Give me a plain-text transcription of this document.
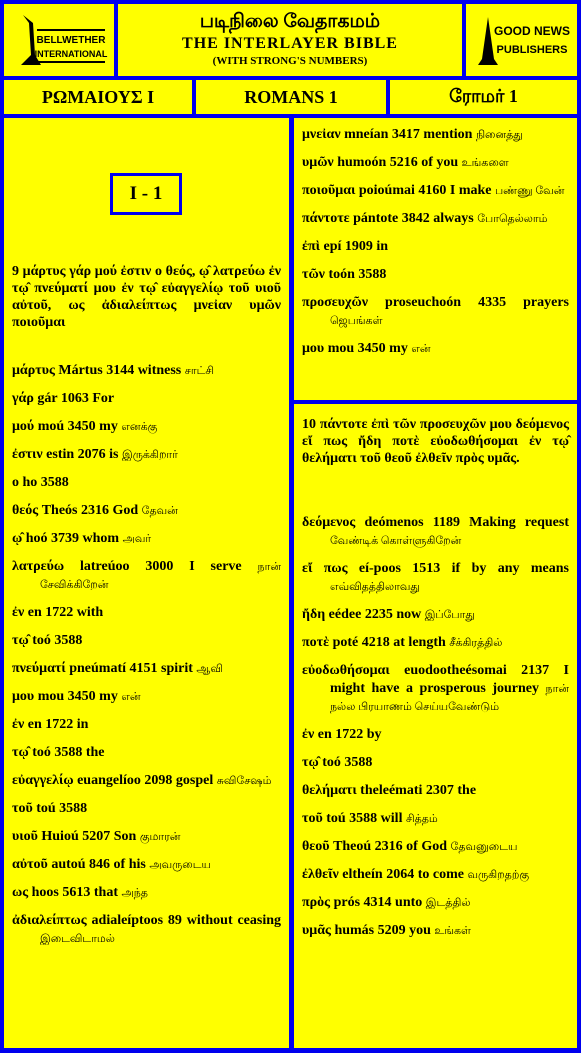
BELLWETHER
INTERNATIONAL
படிநிலை வேதாகமம்
THE INTERLAYER BIBLE
(WITH STRONG'S NUMBERS)
GOOD NEWS
PUBLISHERS
ΡΩΜΑΙΟΥΣ Ι	ROMANS 1	ரோமர் 1
I - 1
9 μάρτυς γάρ μού ἐστιν ο θεός, ῳ̂ λατρεύω ἐν τῳ̂ πνεύματί μου ἐν τῳ̂ εὐαγγελίῳ τοῦ υιοῦ αὐτοῦ, ως ἀδιαλείπτως μνεἰαν υμῶν ποιοῦμαι
μάρτυς Mártus 3144 witness சாட்சி
γάρ gár 1063 For
μού moú 3450 my எனக்கு
ἐστιν estin 2076 is இருக்கிறார்
ο ho 3588
θεός Theós 2316 God தேவன்
ῳ̂ hoó 3739 whom அவர்
λατρεύω latreúoo 3000 I serve நான் சேவிக்கிறேன்
ἐν en 1722 with
τῳ̂ toó 3588
πνεύματί pneúmatí 4151 spirit ஆவி
μου mou 3450 my என்
ἐν en 1722 in
τῳ̂ toó 3588 the
εὐαγγελίῳ euangelíoo 2098 gospel சுவிசேஷம்
τοῦ toú 3588
υιοῦ Huioú 5207 Son குமாரன்
αὐτοῦ autoú 846 of his அவருடைய
ως hoos 5613 that அந்த
ἀδιαλείπτως adialeíptoos 89 without ceasing இடைவிடாமல்
μνεἰαν mneían 3417 mention நினைத்து
υμῶν humoón 5216 of you உங்களை
ποιοῦμαι poioúmai 4160 I make பண்ணு வேன்
πάντοτε pántote 3842 always போதெல்லாம்
ἐπὶ epí 1909 in
τῶν toón 3588
προσευχῶν proseuchoón 4335 prayers ஜெபங்கள்
μου mou 3450 my என்
10 πάντοτε ἐπὶ τῶν προσευχῶν μου δεόμενος εἴ πως ἤδη ποτὲ εὐοδωθήσομαι ἐν τῳ̂ θελήματι τοῦ θεοῦ ἐλθεῖν πρὸς υμᾶς.
δεόμενος deómenos 1189 Making request வேண்டிக் கொள்ளுகிறேன்
εἴ πως eí-poos 1513 if by any means எவ்விதத்திலாவது
ἤδη eédee 2235 now இப்போது
ποτὲ poté 4218 at length சீக்கிரத்தில்
εὐοδωθήσομαι euodootheésomai 2137 I might have a prosperous journey நான் நல்ல பிரயாணம் செய்யவேண்டும்
ἐν en 1722 by
τῳ̂ toó 3588
θελήματι theleémati 2307 the
τοῦ toú 3588 will சித்தம்
θεοῦ Theoú 2316 of God தேவனுடைய
ἐλθεῖν eltheín 2064 to come வருகிறதற்கு
πρὸς prós 4314 unto இடத்தில்
υμᾶς humás 5209 you உங்கள்
